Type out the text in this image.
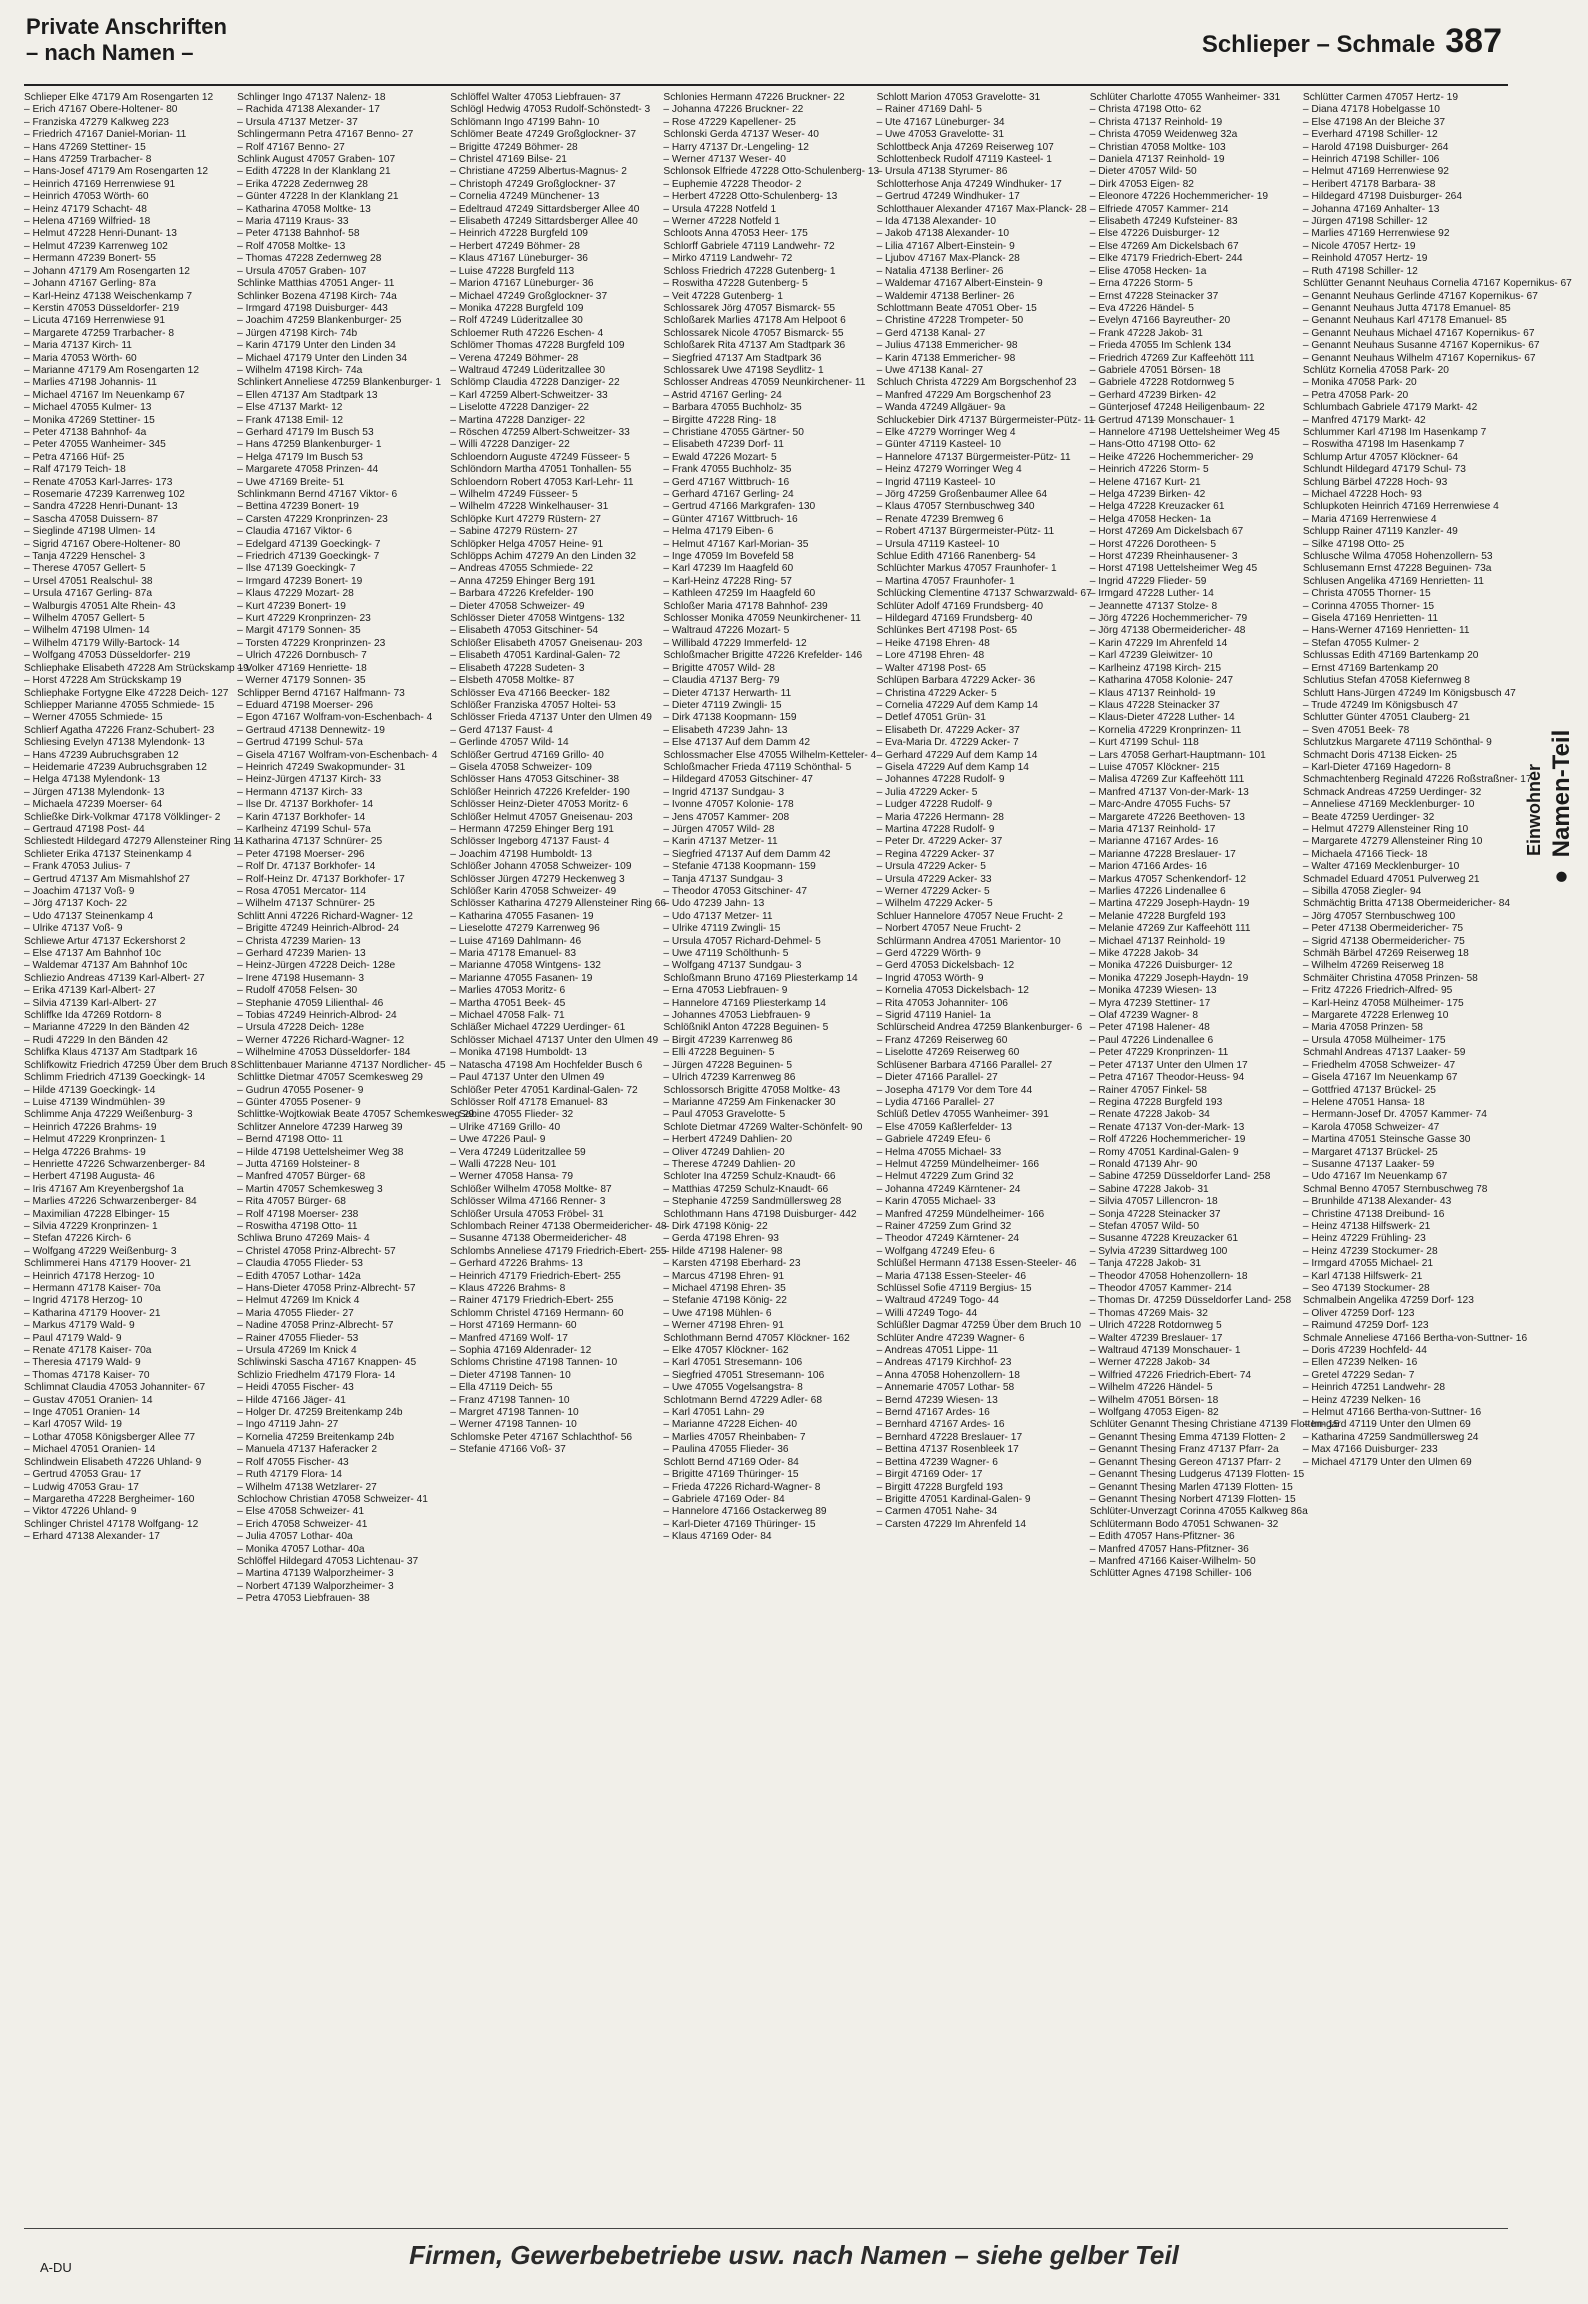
Private Anschriften
– nach Namen –	Schlieper – Schmale 387
Schlieper Elke 47179 Am Rosengarten 12
– Erich 47167 Obere-Holtener- 80
– Franziska 47279 Kalkweg 223
– Friedrich 47167 Daniel-Morian- 11
– Hans 47269 Stettiner- 15
– Hans 47259 Trarbacher- 8
– Hans-Josef 47179 Am Rosengarten 12
– Heinrich 47169 Herrenwiese 91
– Heinrich 47053 Wörth- 60
– Heinz 47179 Schacht- 48
– Helena 47169 Wilfried- 18
– Helmut 47228 Henri-Dunant- 13
– Helmut 47239 Karrenweg 102
– Hermann 47239 Bonert- 55
– Johann 47179 Am Rosengarten 12
– Johann 47167 Gerling- 87a
– Karl-Heinz 47138 Weischenkamp 7
– Kerstin 47053 Düsseldorfer- 219
– Licuta 47169 Herrenwiese 91
– Margarete 47259 Trarbacher- 8
– Maria 47137 Kirch- 11
– Maria 47053 Wörth- 60
– Marianne 47179 Am Rosengarten 12
– Marlies 47198 Johannis- 11
– Michael 47167 Im Neuenkamp 67
– Michael 47055 Kulmer- 13
– Monika 47269 Stettiner- 15
– Peter 47138 Bahnhof- 4a
– Peter 47055 Wanheimer- 345
– Petra 47166 Hüf- 25
– Ralf 47179 Teich- 18
– Renate 47053 Karl-Jarres- 173
– Rosemarie 47239 Karrenweg 102
– Sandra 47228 Henri-Dunant- 13
– Sascha 47058 Duissern- 87
– Sieglinde 47198 Ulmen- 14
– Sigrid 47167 Obere-Holtener- 80
– Tanja 47229 Henschel- 3
– Therese 47057 Gellert- 5
– Ursel 47051 Realschul- 38
– Ursula 47167 Gerling- 87a
– Walburgis 47051 Alte Rhein- 43
– Wilhelm 47057 Gellert- 5
– Wilhelm 47198 Ulmen- 14
– Wilhelm 47179 Willy-Bartock- 14
– Wolfgang 47053 Düsseldorfer- 219
Schliephake Elisabeth 47228 Am Strückskamp 19
– Horst 47228 Am Strückskamp 19
Schliephake Fortygne Elke 47228 Deich- 127
Schliepper Marianne 47055 Schmiede- 15
– Werner 47055 Schmiede- 15
Schlierf Agatha 47226 Franz-Schubert- 23
Schliesing Evelyn 47138 Mylendonk- 13
– Hans 47239 Aubruchsgraben 12
– Heidemarie 47239 Aubruchsgraben 12
– Helga 47138 Mylendonk- 13
– Jürgen 47138 Mylendonk- 13
– Michaela 47239 Moerser- 64
Schließke Dirk-Volkmar 47178 Völklinger- 2
– Gertraud 47198 Post- 44
Schliestedt Hildegard 47279 Allensteiner Ring 11
Schlieter Erika 47137 Steinenkamp 4
– Frank 47053 Julius- 7
– Gertrud 47137 Am Mismahlshof 27
– Joachim 47137 Voß- 9
– Jörg 47137 Koch- 22
– Udo 47137 Steinenkamp 4
– Ulrike 47137 Voß- 9
Schliewe Artur 47137 Eckershorst 2
– Else 47137 Am Bahnhof 10c
– Waldemar 47137 Am Bahnhof 10c
Schliezio Andreas 47139 Karl-Albert- 27
– Erika 47139 Karl-Albert- 27
– Silvia 47139 Karl-Albert- 27
Schliffke Ida 47269 Rotdorn- 8
– Marianne 47229 In den Bänden 42
– Rudi 47229 In den Bänden 42
Schlifka Klaus 47137 Am Stadtpark 16
Schlifkowitz Friedrich 47259 Über dem Bruch 8
Schlimm Friedrich 47139 Goeckingk- 14
– Hilde 47139 Goeckingk- 14
– Luise 47139 Windmühlen- 39
Schlimme Anja 47229 Weißenburg- 3
– Heinrich 47226 Brahms- 19
– Helmut 47229 Kronprinzen- 1
– Helga 47226 Brahms- 19
– Henriette 47226 Schwarzenberger- 84
– Herbert 47198 Augusta- 46
– Iris 47167 Am Kreyenbergshof 1a
– Marlies 47226 Schwarzenberger- 84
– Maximilian 47228 Elbinger- 15
– Silvia 47229 Kronprinzen- 1
– Stefan 47226 Kirch- 6
– Wolfgang 47229 Weißenburg- 3
Schlimmerei Hans 47179 Hoover- 21
– Heinrich 47178 Herzog- 10
– Hermann 47178 Kaiser- 70a
– Ingrid 47178 Herzog- 10
– Katharina 47179 Hoover- 21
– Markus 47179 Wald- 9
– Paul 47179 Wald- 9
– Renate 47178 Kaiser- 70a
– Theresia 47179 Wald- 9
– Thomas 47178 Kaiser- 70
Schlimnat Claudia 47053 Johanniter- 67
– Gustav 47051 Oranien- 14
– Inge 47051 Oranien- 14
– Karl 47057 Wild- 19
– Lothar 47058 Königsberger Allee 77
– Michael 47051 Oranien- 14
Schlindwein Elisabeth 47226 Uhland- 9
– Gertrud 47053 Grau- 17
– Ludwig 47053 Grau- 17
– Margaretha 47228 Bergheimer- 160
– Viktor 47226 Uhland- 9
Schlinger Christel 47178 Wolfgang- 12
– Erhard 47138 Alexander- 17
Schlinger Ingo 47137 Nalenz- 18
– Rachida 47138 Alexander- 17
– Ursula 47137 Metzer- 37
Schlingermann Petra 47167 Benno- 27
– Rolf 47167 Benno- 27
Schlink August 47057 Graben- 107
– Edith 47228 In der Klanklang 21
– Erika 47228 Zedernweg 28
– Günter 47228 In der Klanklang 21
– Katharina 47058 Moltke- 13
– Maria 47119 Kraus- 33
– Peter 47138 Bahnhof- 58
– Rolf 47058 Moltke- 13
– Thomas 47228 Zedernweg 28
– Ursula 47057 Graben- 107
Schlinke Matthias 47051 Anger- 11
Schlinker Bozena 47198 Kirch- 74a
– Irmgard 47198 Duisburger- 443
– Joachim 47259 Blankenburger- 25
– Jürgen 47198 Kirch- 74b
– Karin 47179 Unter den Linden 34
– Michael 47179 Unter den Linden 34
– Wilhelm 47198 Kirch- 74a
Schlinkert Anneliese 47259 Blankenburger- 1
– Ellen 47137 Am Stadtpark 13
– Else 47137 Markt- 12
– Frank 47138 Emil- 12
– Gerhard 47179 Im Busch 53
– Hans 47259 Blankenburger- 1
– Helga 47179 Im Busch 53
– Margarete 47058 Prinzen- 44
– Uwe 47169 Breite- 51
Schlinkmann Bernd 47167 Viktor- 6
– Bettina 47239 Bonert- 19
– Carsten 47229 Kronprinzen- 23
– Claudia 47167 Viktor- 6
– Edelgard 47139 Goeckingk- 7
– Friedrich 47139 Goeckingk- 7
– Ilse 47139 Goeckingk- 7
– Irmgard 47239 Bonert- 19
– Klaus 47229 Mozart- 28
– Kurt 47239 Bonert- 19
– Kurt 47229 Kronprinzen- 23
– Margit 47179 Sonnen- 35
– Torsten 47229 Kronprinzen- 23
– Ulrich 47226 Dornbusch- 7
– Volker 47169 Henriette- 18
– Werner 47179 Sonnen- 35
Schlipper Bernd 47167 Halfmann- 73
– Eduard 47198 Moerser- 296
– Egon 47167 Wolfram-von-Eschenbach- 4
– Gertraud 47138 Dennewitz- 19
– Gertrud 47199 Schul- 57a
– Gisela 47167 Wolfram-von-Eschenbach- 4
– Heinrich 47249 Swakopmunder- 31
– Heinz-Jürgen 47137 Kirch- 33
– Hermann 47137 Kirch- 33
– Ilse Dr. 47137 Borkhofer- 14
– Karin 47137 Borkhofer- 14
– Karlheinz 47199 Schul- 57a
– Katharina 47137 Schnürer- 25
– Peter 47198 Moerser- 296
– Rolf Dr. 47137 Borkhofer- 14
– Rolf-Heinz Dr. 47137 Borkhofer- 17
– Rosa 47051 Mercator- 114
– Wilhelm 47137 Schnürer- 25
Schlitt Anni 47226 Richard-Wagner- 12
– Brigitte 47249 Heinrich-Albrod- 24
– Christa 47239 Marien- 13
– Gerhard 47239 Marien- 13
– Heinz-Jürgen 47228 Deich- 128e
– Irene 47198 Husemann- 3
– Rudolf 47058 Felsen- 30
– Stephanie 47059 Lilienthal- 46
– Tobias 47249 Heinrich-Albrod- 24
– Ursula 47228 Deich- 128e
– Werner 47226 Richard-Wagner- 12
– Wilhelmine 47053 Düsseldorfer- 184
Schlittenbauer Marianne 47137 Nordlicher- 45
Schlittke Dietmar 47057 Scemkesweg 29
– Gudrun 47055 Posener- 9
– Günter 47055 Posener- 9
Schlittke-Wojtkowiak Beate 47057 Schemkesweg 29
Schlitzer Annelore 47239 Harweg 39
– Bernd 47198 Otto- 11
– Hilde 47198 Uettelsheimer Weg 38
– Jutta 47169 Holsteiner- 8
– Manfred 47057 Bürger- 68
– Martin 47057 Schemkesweg 3
– Rita 47057 Bürger- 68
– Rolf 47198 Moerser- 238
– Roswitha 47198 Otto- 11
Schliwa Bruno 47269 Mais- 4
– Christel 47058 Prinz-Albrecht- 57
– Claudia 47055 Flieder- 53
– Edith 47057 Lothar- 142a
– Hans-Dieter 47058 Prinz-Albrecht- 57
– Helmut 47269 Im Knick 4
– Maria 47055 Flieder- 27
– Nadine 47058 Prinz-Albrecht- 57
– Rainer 47055 Flieder- 53
– Ursula 47269 Im Knick 4
Schliwinski Sascha 47167 Knappen- 45
Schlizio Friedhelm 47179 Flora- 14
– Heidi 47055 Fischer- 43
– Hilde 47166 Jäger- 41
– Holger Dr. 47259 Breitenkamp 24b
– Ingo 47119 Jahn- 27
– Kornelia 47259 Breitenkamp 24b
– Manuela 47137 Haferacker 2
– Rolf 47055 Fischer- 43
– Ruth 47179 Flora- 14
– Wilhelm 47138 Wetzlarer- 27
Schlochow Christian 47058 Schweizer- 41
– Else 47058 Schweizer- 41
– Erich 47058 Schweizer- 41
– Julia 47057 Lothar- 40a
– Monika 47057 Lothar- 40a
Schlöffel Hildegard 47053 Lichtenau- 37
– Martina 47139 Walporzheimer- 3
– Norbert 47139 Walporzheimer- 3
– Petra 47053 Liebfrauen- 38
Schlöffel Walter 47053 Liebfrauen- 37
Schlögl Hedwig 47053 Rudolf-Schönstedt- 3
Schlömann Ingo 47199 Bahn- 10
Schlömer Beate 47249 Großglockner- 37
– Brigitte 47249 Böhmer- 28
– Christel 47169 Bilse- 21
– Christiane 47259 Albertus-Magnus- 2
– Christoph 47249 Großglockner- 37
– Cornelia 47249 Münchener- 13
– Edeltraud 47249 Sittardsberger Allee 40
– Elisabeth 47249 Sittardsberger Allee 40
– Heinrich 47228 Burgfeld 109
– Herbert 47249 Böhmer- 28
– Klaus 47167 Lüneburger- 36
– Luise 47228 Burgfeld 113
– Marion 47167 Lüneburger- 36
– Michael 47249 Großglockner- 37
– Monika 47228 Burgfeld 109
– Rolf 47249 Lüderitzallee 30
Schloemer Ruth 47226 Eschen- 4
Schlömer Thomas 47228 Burgfeld 109
– Verena 47249 Böhmer- 28
– Waltraud 47249 Lüderitzallee 30
Schlömp Claudia 47228 Danziger- 22
– Karl 47259 Albert-Schweitzer- 33
– Liselotte 47228 Danziger- 22
– Martina 47228 Danziger- 22
– Röschen 47259 Albert-Schweitzer- 33
– Willi 47228 Danziger- 22
Schloendorn Auguste 47249 Füsseer- 5
Schlöndorn Martha 47051 Tonhallen- 55
Schloendorn Robert 47053 Karl-Lehr- 11
– Wilhelm 47249 Füsseer- 5
– Wilhelm 47228 Winkelhauser- 31
Schlöpke Kurt 47279 Rüstern- 27
– Sabine 47279 Rüstern- 27
Schlöpker Helga 47057 Heine- 91
Schlöpps Achim 47279 An den Linden 32
– Andreas 47055 Schmiede- 22
– Anna 47259 Ehinger Berg 191
– Barbara 47226 Krefelder- 190
– Dieter 47058 Schweizer- 49
Schlösser Dieter 47058 Wintgens- 132
– Elisabeth 47053 Gitschiner- 54
Schlößer Elisabeth 47057 Gneisenau- 203
– Elisabeth 47051 Kardinal-Galen- 72
– Elisabeth 47228 Sudeten- 3
– Elsbeth 47058 Moltke- 87
Schlösser Eva 47166 Beecker- 182
Schlößer Franziska 47057 Holtei- 53
Schlösser Frieda 47137 Unter den Ulmen 49
– Gerd 47137 Faust- 4
– Gerlinde 47057 Wild- 14
Schlößer Gertrud 47169 Grillo- 40
– Gisela 47058 Schweizer- 109
Schlösser Hans 47053 Gitschiner- 38
Schlößer Heinrich 47226 Krefelder- 190
Schlösser Heinz-Dieter 47053 Moritz- 6
Schlößer Helmut 47057 Gneisenau- 203
– Hermann 47259 Ehinger Berg 191
Schlösser Ingeborg 47137 Faust- 4
– Joachim 47198 Humboldt- 13
Schlößer Johann 47058 Schweizer- 109
Schlösser Jürgen 47279 Heckenweg 3
Schlößer Karin 47058 Schweizer- 49
Schlösser Katharina 47279 Allensteiner Ring 66
– Katharina 47055 Fasanen- 19
– Lieselotte 47279 Karrenweg 96
– Luise 47169 Dahlmann- 46
– Maria 47178 Emanuel- 83
– Marianne 47058 Wintgens- 132
– Marianne 47055 Fasanen- 19
– Marlies 47053 Moritz- 6
– Martha 47051 Beek- 45
– Michael 47058 Falk- 71
Schläßer Michael 47229 Uerdinger- 61
Schlösser Michael 47137 Unter den Ulmen 49
– Monika 47198 Humboldt- 13
– Natascha 47198 Am Hochfelder Busch 6
– Paul 47137 Unter den Ulmen 49
Schlößer Peter 47051 Kardinal-Galen- 72
Schlösser Rolf 47178 Emanuel- 83
– Sabine 47055 Flieder- 32
– Ulrike 47169 Grillo- 40
– Uwe 47226 Paul- 9
– Vera 47249 Lüderitzallee 59
– Walli 47228 Neu- 101
– Werner 47058 Hansa- 79
Schlößer Wilhelm 47058 Moltke- 87
Schlösser Wilma 47166 Renner- 3
Schlößer Ursula 47053 Fröbel- 31
Schlombach Reiner 47138 Obermeidericher- 48
– Susanne 47138 Obermeidericher- 48
Schlombs Anneliese 47179 Friedrich-Ebert- 255
– Gerhard 47226 Brahms- 13
– Heinrich 47179 Friedrich-Ebert- 255
– Klaus 47226 Brahms- 8
– Rainer 47179 Friedrich-Ebert- 255
Schlomm Christel 47169 Hermann- 60
– Horst 47169 Hermann- 60
– Manfred 47169 Wolf- 17
– Sophia 47169 Aldenrader- 12
Schloms Christine 47198 Tannen- 10
– Dieter 47198 Tannen- 10
– Ella 47119 Deich- 55
– Franz 47198 Tannen- 10
– Margret 47198 Tannen- 10
– Werner 47198 Tannen- 10
Schlomske Peter 47167 Schlachthof- 56
– Stefanie 47166 Voß- 37
Schlonies Hermann 47226 Bruckner- 22
– Johanna 47226 Bruckner- 22
– Rose 47229 Kapellener- 25
Schlonski Gerda 47137 Weser- 40
– Harry 47137 Dr.-Lengeling- 12
– Werner 47137 Weser- 40
Schlonsok Elfriede 47228 Otto-Schulenberg- 13
– Euphemie 47228 Theodor- 2
– Herbert 47228 Otto-Schulenberg- 13
– Ursula 47228 Notfeld 1
– Werner 47228 Notfeld 1
Schloots Anna 47053 Heer- 175
Schlorff Gabriele 47119 Landwehr- 72
– Mirko 47119 Landwehr- 72
Schloss Friedrich 47228 Gutenberg- 1
– Roswitha 47228 Gutenberg- 5
– Veit 47228 Gutenberg- 1
Schlossarek Jörg 47057 Bismarck- 55
Schloßarek Marlies 47178 Am Helpoot 6
Schlossarek Nicole 47057 Bismarck- 55
Schloßarek Rita 47137 Am Stadtpark 36
– Siegfried 47137 Am Stadtpark 36
Schlossarek Uwe 47198 Seydlitz- 1
Schlosser Andreas 47059 Neunkirchener- 11
– Astrid 47167 Gerling- 24
– Barbara 47055 Buchholz- 35
– Birgitte 47228 Ring- 18
– Christiane 47055 Gärtner- 50
– Elisabeth 47239 Dorf- 11
– Ewald 47226 Mozart- 5
– Frank 47055 Buchholz- 35
– Gerd 47167 Wittbruch- 16
– Gerhard 47167 Gerling- 24
– Gertrud 47166 Markgrafen- 130
– Günter 47167 Wittbruch- 16
– Helma 47179 Eiben- 6
– Helmut 47167 Karl-Morian- 35
– Inge 47059 Im Bovefeld 58
– Karl 47239 Im Haagfeld 60
– Karl-Heinz 47228 Ring- 57
– Kathleen 47259 Im Haagfeld 60
Schloßer Maria 47178 Bahnhof- 239
Schlosser Monika 47059 Neunkirchener- 11
– Waltraud 47226 Mozart- 5
– Willibald 47229 Immerfeld- 12
Schloßmacher Brigitte 47226 Krefelder- 146
– Brigitte 47057 Wild- 28
– Claudia 47137 Berg- 79
– Dieter 47137 Herwarth- 11
– Dieter 47119 Zwingli- 15
– Dirk 47138 Koopmann- 159
– Elisabeth 47239 Jahn- 13
– Else 47137 Auf dem Damm 42
Schlossmacher Else 47055 Wilhelm-Ketteler- 4
Schloßmacher Frieda 47119 Schönthal- 5
– Hildegard 47053 Gitschiner- 47
– Ingrid 47137 Sundgau- 3
– Ivonne 47057 Kolonie- 178
– Jens 47057 Kammer- 208
– Jürgen 47057 Wild- 28
– Karin 47137 Metzer- 11
– Siegfried 47137 Auf dem Damm 42
– Stefanie 47138 Koopmann- 159
– Tanja 47137 Sundgau- 3
– Theodor 47053 Gitschiner- 47
– Udo 47239 Jahn- 13
– Udo 47137 Metzer- 11
– Ulrike 47119 Zwingli- 15
– Ursula 47057 Richard-Dehmel- 5
– Uwe 47119 Schölthunh- 5
– Wolfgang 47137 Sundgau- 3
Schloßmann Bruno 47169 Pliesterkamp 14
– Erna 47053 Liebfrauen- 9
– Hannelore 47169 Pliesterkamp 14
– Johannes 47053 Liebfrauen- 9
Schlößnikl Anton 47228 Beguinen- 5
– Birgit 47239 Karrenweg 86
– Elli 47228 Beguinen- 5
– Jürgen 47228 Beguinen- 5
– Ulrich 47239 Karrenweg 86
Schlossorsch Brigitte 47058 Moltke- 43
– Marianne 47259 Am Finkenacker 30
– Paul 47053 Gravelotte- 5
Schlote Dietmar 47269 Walter-Schönfelt- 90
– Herbert 47249 Dahlien- 20
– Oliver 47249 Dahlien- 20
– Therese 47249 Dahlien- 20
Schloter Ina 47259 Schulz-Knaudt- 66
– Matthias 47259 Schulz-Knaudt- 66
– Stephanie 47259 Sandmüllersweg 28
Schlothmann Hans 47198 Duisburger- 442
– Dirk 47198 König- 22
– Gerda 47198 Ehren- 93
– Hilde 47198 Halener- 98
– Karsten 47198 Eberhard- 23
– Marcus 47198 Ehren- 91
– Michael 47198 Ehren- 35
– Stefanie 47198 König- 22
– Uwe 47198 Mühlen- 6
– Werner 47198 Ehren- 91
Schlothmann Bernd 47057 Klöckner- 162
– Elke 47057 Klöckner- 162
– Karl 47051 Stresemann- 106
– Siegfried 47051 Stresemann- 106
– Uwe 47055 Vogelsangstra- 8
Schlotmann Bernd 47229 Adler- 68
– Karl 47051 Lahn- 29
– Marianne 47228 Eichen- 40
– Marlies 47057 Rheinbaben- 7
– Paulina 47055 Flieder- 36
Schlott Bernd 47169 Oder- 84
– Brigitte 47169 Thüringer- 15
– Frieda 47226 Richard-Wagner- 8
– Gabriele 47169 Oder- 84
– Hannelore 47166 Ostackerweg 89
– Karl-Dieter 47169 Thüringer- 15
– Klaus 47169 Oder- 84
Schlott Marion 47053 Gravelotte- 31
– Rainer 47169 Dahl- 5
– Ute 47167 Lüneburger- 34
– Uwe 47053 Gravelotte- 31
Schlottbeck Anja 47269 Reiserweg 107
Schlottenbeck Rudolf 47119 Kasteel- 1
– Ursula 47138 Styrumer- 86
Schlotterhose Anja 47249 Windhuker- 17
– Gertrud 47249 Windhuker- 17
Schlotthauer Alexander 47167 Max-Planck- 28
– Ida 47138 Alexander- 10
– Jakob 47138 Alexander- 10
– Lilia 47167 Albert-Einstein- 9
– Ljubov 47167 Max-Planck- 28
– Natalia 47138 Berliner- 26
– Waldemar 47167 Albert-Einstein- 9
– Waldemir 47138 Berliner- 26
Schlottmann Beate 47051 Ober- 15
– Christine 47228 Trompeter- 50
– Gerd 47138 Kanal- 27
– Julius 47138 Emmericher- 98
– Karin 47138 Emmericher- 98
– Uwe 47138 Kanal- 27
Schluch Christa 47229 Am Borgschenhof 23
– Manfred 47229 Am Borgschenhof 23
– Wanda 47249 Allgäuer- 9a
Schluckebier Dirk 47137 Bürgermeister-Pütz- 11
– Elke 47279 Worringer Weg 4
– Günter 47119 Kasteel- 10
– Hannelore 47137 Bürgermeister-Pütz- 11
– Heinz 47279 Worringer Weg 4
– Ingrid 47119 Kasteel- 10
– Jörg 47259 Großenbaumer Allee 64
– Klaus 47057 Sternbuschweg 340
– Renate 47239 Bremweg 6
– Robert 47137 Bürgermeister-Pütz- 11
– Ursula 47119 Kasteel- 10
Schlue Edith 47166 Ranenberg- 54
Schlüchter Markus 47057 Fraunhofer- 1
– Martina 47057 Fraunhofer- 1
Schlücking Clementine 47137 Schwarzwald- 67
Schlüter Adolf 47169 Frundsberg- 40
– Hildegard 47169 Frundsberg- 40
Schlünkes Bert 47198 Post- 65
– Heike 47198 Ehren- 48
– Lore 47198 Ehren- 48
– Walter 47198 Post- 65
Schlüpen Barbara 47229 Acker- 36
– Christina 47229 Acker- 5
– Cornelia 47229 Auf dem Kamp 14
– Detlef 47051 Grün- 31
– Elisabeth Dr. 47229 Acker- 37
– Eva-Maria Dr. 47229 Acker- 7
– Gerhard 47229 Auf dem Kamp 14
– Gisela 47229 Auf dem Kamp 14
– Johannes 47228 Rudolf- 9
– Julia 47229 Acker- 5
– Ludger 47228 Rudolf- 9
– Maria 47226 Hermann- 28
– Martina 47228 Rudolf- 9
– Peter Dr. 47229 Acker- 37
– Regina 47229 Acker- 37
– Ursula 47229 Acker- 5
– Ursula 47229 Acker- 33
– Werner 47229 Acker- 5
– Wilhelm 47229 Acker- 5
Schluer Hannelore 47057 Neue Frucht- 2
– Norbert 47057 Neue Frucht- 2
Schlürmann Andrea 47051 Marientor- 10
– Gerd 47229 Wörth- 9
– Gerd 47053 Dickelsbach- 12
– Ingrid 47053 Wörth- 9
– Kornelia 47053 Dickelsbach- 12
– Rita 47053 Johanniter- 106
– Sigrid 47119 Haniel- 1a
Schlürscheid Andrea 47259 Blankenburger- 6
– Franz 47269 Reiserweg 60
– Liselotte 47269 Reiserweg 60
Schlüsener Barbara 47166 Parallel- 27
– Dieter 47166 Parallel- 27
– Josepha 47179 Vor dem Tore 44
– Lydia 47166 Parallel- 27
Schlüß Detlev 47055 Wanheimer- 391
– Else 47059 Kaßlerfelder- 13
– Gabriele 47249 Efeu- 6
– Helma 47055 Michael- 33
– Helmut 47259 Mündelheimer- 166
– Helmut 47229 Zum Grind 32
– Johanna 47249 Kärntener- 24
– Karin 47055 Michael- 33
– Manfred 47259 Mündelheimer- 166
– Rainer 47259 Zum Grind 32
– Theodor 47249 Kärntener- 24
– Wolfgang 47249 Efeu- 6
Schlüßel Hermann 47138 Essen-Steeler- 46
– Maria 47138 Essen-Steeler- 46
Schlüssel Sofie 47119 Bergius- 15
– Waltraud 47249 Togo- 44
– Willi 47249 Togo- 44
Schlüßler Dagmar 47259 Über dem Bruch 10
Schlüter Andre 47239 Wagner- 6
– Andreas 47051 Lippe- 11
– Andreas 47179 Kirchhof- 23
– Anna 47058 Hohenzollern- 18
– Annemarie 47057 Lothar- 58
– Bernd 47239 Wiesen- 13
– Bernd 47167 Ardes- 16
– Bernhard 47167 Ardes- 16
– Bernhard 47228 Breslauer- 17
– Bettina 47137 Rosenbleek 17
– Bettina 47239 Wagner- 6
– Birgit 47169 Oder- 17
– Birgitt 47228 Burgfeld 193
– Brigitte 47051 Kardinal-Galen- 9
– Carmen 47051 Nahe- 34
– Carsten 47229 Im Ahrenfeld 14
Schlüter Charlotte 47055 Wanheimer- 331
– Christa 47198 Otto- 62
– Christa 47137 Reinhold- 19
– Christa 47059 Weidenweg 32a
– Christian 47058 Moltke- 103
– Daniela 47137 Reinhold- 19
– Dieter 47057 Wild- 50
– Dirk 47053 Eigen- 82
– Eleonore 47226 Hochemmericher- 19
– Elfriede 47057 Kammer- 214
– Elisabeth 47249 Kufsteiner- 83
– Else 47226 Duisburger- 12
– Else 47269 Am Dickelsbach 67
– Elke 47179 Friedrich-Ebert- 244
– Elise 47058 Hecken- 1a
– Erna 47226 Storm- 5
– Ernst 47228 Steinacker 37
– Eva 47226 Händel- 5
– Evelyn 47166 Bayreuther- 20
– Frank 47228 Jakob- 31
– Frieda 47055 Im Schlenk 134
– Friedrich 47269 Zur Kaffeehött 111
– Gabriele 47051 Börsen- 18
– Gabriele 47228 Rotdornweg 5
– Gerhard 47239 Birken- 42
– Günterjosef 47248 Heiligenbaum- 22
– Gertrud 47139 Monschauer- 1
– Hannelore 47198 Uettelsheimer Weg 45
– Hans-Otto 47198 Otto- 62
– Heike 47226 Hochemmericher- 29
– Heinrich 47226 Storm- 5
– Helene 47167 Kurt- 21
– Helga 47239 Birken- 42
– Helga 47228 Kreuzacker 61
– Helga 47058 Hecken- 1a
– Horst 47269 Am Dickelsbach 67
– Horst 47226 Dorotheen- 5
– Horst 47239 Rheinhausener- 3
– Horst 47198 Uettelsheimer Weg 45
– Ingrid 47229 Flieder- 59
– Irmgard 47228 Luther- 14
– Jeannette 47137 Stolze- 8
– Jörg 47226 Hochemmericher- 79
– Jörg 47138 Obermeidericher- 48
– Karin 47229 Im Ahrenfeld 14
– Karl 47239 Gleiwitzer- 10
– Karlheinz 47198 Kirch- 215
– Katharina 47058 Kolonie- 247
– Klaus 47137 Reinhold- 19
– Klaus 47228 Steinacker 37
– Klaus-Dieter 47228 Luther- 14
– Kornelia 47229 Kronprinzen- 11
– Kurt 47199 Schul- 118
– Lars 47058 Gerhart-Hauptmann- 101
– Luise 47057 Klöckner- 215
– Malisa 47269 Zur Kaffeehött 111
– Manfred 47137 Von-der-Mark- 13
– Marc-Andre 47055 Fuchs- 57
– Margarete 47226 Beethoven- 13
– Maria 47137 Reinhold- 17
– Marianne 47167 Ardes- 16
– Marianne 47228 Breslauer- 17
– Marion 47166 Ardes- 16
– Markus 47057 Schenkendorf- 12
– Marlies 47226 Lindenallee 6
– Martina 47229 Joseph-Haydn- 19
– Melanie 47228 Burgfeld 193
– Melanie 47269 Zur Kaffeehött 111
– Michael 47137 Reinhold- 19
– Mike 47228 Jakob- 34
– Monika 47226 Duisburger- 12
– Monika 47229 Joseph-Haydn- 19
– Monika 47239 Wiesen- 13
– Myra 47239 Stettiner- 17
– Olaf 47239 Wagner- 8
– Peter 47198 Halener- 48
– Paul 47226 Lindenallee 6
– Peter 47229 Kronprinzen- 11
– Peter 47137 Unter den Ulmen 17
– Petra 47167 Theodor-Heuss- 94
– Rainer 47057 Finkel- 58
– Regina 47228 Burgfeld 193
– Renate 47228 Jakob- 34
– Renate 47137 Von-der-Mark- 13
– Rolf 47226 Hochemmericher- 19
– Romy 47051 Kardinal-Galen- 9
– Ronald 47139 Ahr- 90
– Sabine 47259 Düsseldorfer Land- 258
– Sabine 47228 Jakob- 31
– Silvia 47057 Lillencron- 18
– Sonja 47228 Steinacker 37
– Stefan 47057 Wild- 50
– Susanne 47228 Kreuzacker 61
– Sylvia 47239 Sittardweg 100
– Tanja 47228 Jakob- 31
– Theodor 47058 Hohenzollern- 18
– Theodor 47057 Kammer- 214
– Thomas Dr. 47259 Düsseldorfer Land- 258
– Thomas 47269 Mais- 32
– Ulrich 47228 Rotdornweg 5
– Walter 47239 Breslauer- 17
– Waltraud 47139 Monschauer- 1
– Werner 47228 Jakob- 34
– Wilfried 47226 Friedrich-Ebert- 74
– Wilhelm 47226 Händel- 5
– Wilhelm 47051 Börsen- 18
– Wolfgang 47053 Eigen- 82
Schlüter Genannt Thesing Christiane 47139 Flotten- 15
– Genannt Thesing Emma 47139 Flotten- 2
– Genannt Thesing Franz 47137 Pfarr- 2a
– Genannt Thesing Gereon 47137 Pfarr- 2
– Genannt Thesing Ludgerus 47139 Flotten- 15
– Genannt Thesing Marlen 47139 Flotten- 15
– Genannt Thesing Norbert 47139 Flotten- 15
Schlüter-Unverzagt Corinna 47055 Kalkweg 86a
Schlütermann Bodo 47051 Schwanen- 32
– Edith 47057 Hans-Pfitzner- 36
– Manfred 47057 Hans-Pfitzner- 36
– Manfred 47166 Kaiser-Wilhelm- 50
Schlütter Agnes 47198 Schiller- 106
Schlütter Carmen 47057 Hertz- 19
– Diana 47178 Hobelgasse 10
– Else 47198 An der Bleiche 37
– Everhard 47198 Schiller- 12
– Harold 47198 Duisburger- 264
– Heinrich 47198 Schiller- 106
– Helmut 47169 Herrenwiese 92
– Heribert 47178 Barbara- 38
– Hildegard 47198 Duisburger- 264
– Johanna 47169 Anhalter- 13
– Jürgen 47198 Schiller- 12
– Marlies 47169 Herrenwiese 92
– Nicole 47057 Hertz- 19
– Reinhold 47057 Hertz- 19
– Ruth 47198 Schiller- 12
Schlütter Genannt Neuhaus Cornelia 47167 Kopernikus- 67
– Genannt Neuhaus Gerlinde 47167 Kopernikus- 67
– Genannt Neuhaus Jutta 47178 Emanuel- 85
– Genannt Neuhaus Karl 47178 Emanuel- 85
– Genannt Neuhaus Michael 47167 Kopernikus- 67
– Genannt Neuhaus Susanne 47167 Kopernikus- 67
– Genannt Neuhaus Wilhelm 47167 Kopernikus- 67
Schlütz Kornelia 47058 Park- 20
– Monika 47058 Park- 20
– Petra 47058 Park- 20
Schlumbach Gabriele 47179 Markt- 42
– Manfred 47179 Markt- 42
Schlummer Karl 47198 Im Hasenkamp 7
– Roswitha 47198 Im Hasenkamp 7
Schlump Artur 47057 Klöckner- 64
Schlundt Hildegard 47179 Schul- 73
Schlung Bärbel 47228 Hoch- 93
– Michael 47228 Hoch- 93
Schlupkoten Heinrich 47169 Herrenwiese 4
– Maria 47169 Herrenwiese 4
Schlupp Rainer 47119 Kanzler- 49
– Silke 47198 Otto- 25
Schlusche Wilma 47058 Hohenzollern- 53
Schlusemann Ernst 47228 Beguinen- 73a
Schlusen Angelika 47169 Henrietten- 11
– Christa 47055 Thorner- 15
– Corinna 47055 Thorner- 15
– Gisela 47169 Henrietten- 11
– Hans-Werner 47169 Henrietten- 11
– Stefan 47055 Kulmer- 2
Schlussas Edith 47169 Bartenkamp 20
– Ernst 47169 Bartenkamp 20
Schlutius Stefan 47058 Kiefernweg 8
Schlutt Hans-Jürgen 47249 Im Königsbusch 47
– Trude 47249 Im Königsbusch 47
Schlutter Günter 47051 Clauberg- 21
– Sven 47051 Beek- 78
Schlutzkus Margarete 47119 Schönthal- 9
Schmacht Doris 47138 Eicken- 25
– Karl-Dieter 47169 Hagedorn- 8
Schmachtenberg Reginald 47226 Roßstraßner- 17
Schmack Andreas 47259 Uerdinger- 32
– Anneliese 47169 Mecklenburger- 10
– Beate 47259 Uerdinger- 32
– Helmut 47279 Allensteiner Ring 10
– Margarete 47279 Allensteiner Ring 10
– Michaela 47166 Tieck- 18
– Walter 47169 Mecklenburger- 10
Schmadel Eduard 47051 Pulverweg 21
– Sibilla 47058 Ziegler- 94
Schmächtig Britta 47138 Obermeidericher- 84
– Jörg 47057 Sternbuschweg 100
– Peter 47138 Obermeidericher- 75
– Sigrid 47138 Obermeidericher- 75
Schmäh Bärbel 47269 Reiserweg 18
– Wilhelm 47269 Reiserweg 18
Schmäiter Christina 47058 Prinzen- 58
– Fritz 47226 Friedrich-Alfred- 95
– Karl-Heinz 47058 Mülheimer- 175
– Margarete 47228 Erlenweg 10
– Maria 47058 Prinzen- 58
– Ursula 47058 Mülheimer- 175
Schmahl Andreas 47137 Laaker- 59
– Friedhelm 47058 Schweizer- 47
– Gisela 47167 Im Neuenkamp 67
– Gottfried 47137 Brückel- 25
– Helene 47051 Hansa- 18
– Hermann-Josef Dr. 47057 Kammer- 74
– Karola 47058 Schweizer- 47
– Martina 47051 Steinsche Gasse 30
– Margaret 47137 Brückel- 25
– Susanne 47137 Laaker- 59
– Udo 47167 Im Neuenkamp 67
Schmal Benno 47057 Sternbuschweg 78
– Brunhilde 47138 Alexander- 43
– Christine 47138 Dreibund- 16
– Heinz 47138 Hilfswerk- 21
– Heinz 47229 Frühling- 23
– Heinz 47239 Stockumer- 28
– Irmgard 47055 Michael- 21
– Karl 47138 Hilfswerk- 21
– Seo 47139 Stockumer- 28
Schmalbein Angelika 47259 Dorf- 123
– Oliver 47259 Dorf- 123
– Raimund 47259 Dorf- 123
Schmale Anneliese 47166 Bertha-von-Suttner- 16
– Doris 47239 Hochfeld- 44
– Ellen 47239 Nelken- 16
– Gretel 47229 Sedan- 7
– Heinrich 47251 Landwehr- 28
– Heinz 47239 Nelken- 16
– Helmut 47166 Bertha-von-Suttner- 16
– Irmgard 47119 Unter den Ulmen 69
– Katharina 47259 Sandmüllersweg 24
– Max 47166 Duisburger- 233
– Michael 47179 Unter den Ulmen 69
Einwohner ● Namen-Teil
A-DU	Firmen, Gewerbebetriebe usw. nach Namen – siehe gelber Teil
